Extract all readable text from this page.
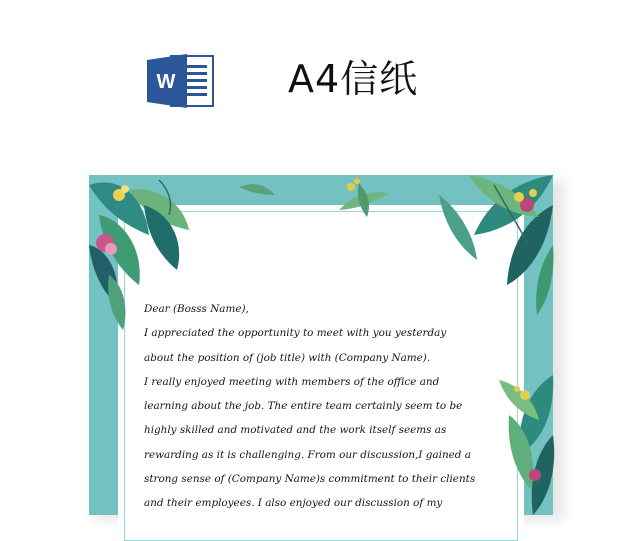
W	A4信纸
Dear (Bosss Name),
I appreciated the opportunity to meet with you yesterday
about the position of (job title) with (Company Name).
I really enjoyed meeting with members of the office and
learning about the job. The entire team certainly seem to be
highly skilled and motivated and the work itself seems as
rewarding as it is challenging. From our discussion,I gained a
strong sense of (Company Name)s commitment to their clients
and their employees. I also enjoyed our discussion of my
